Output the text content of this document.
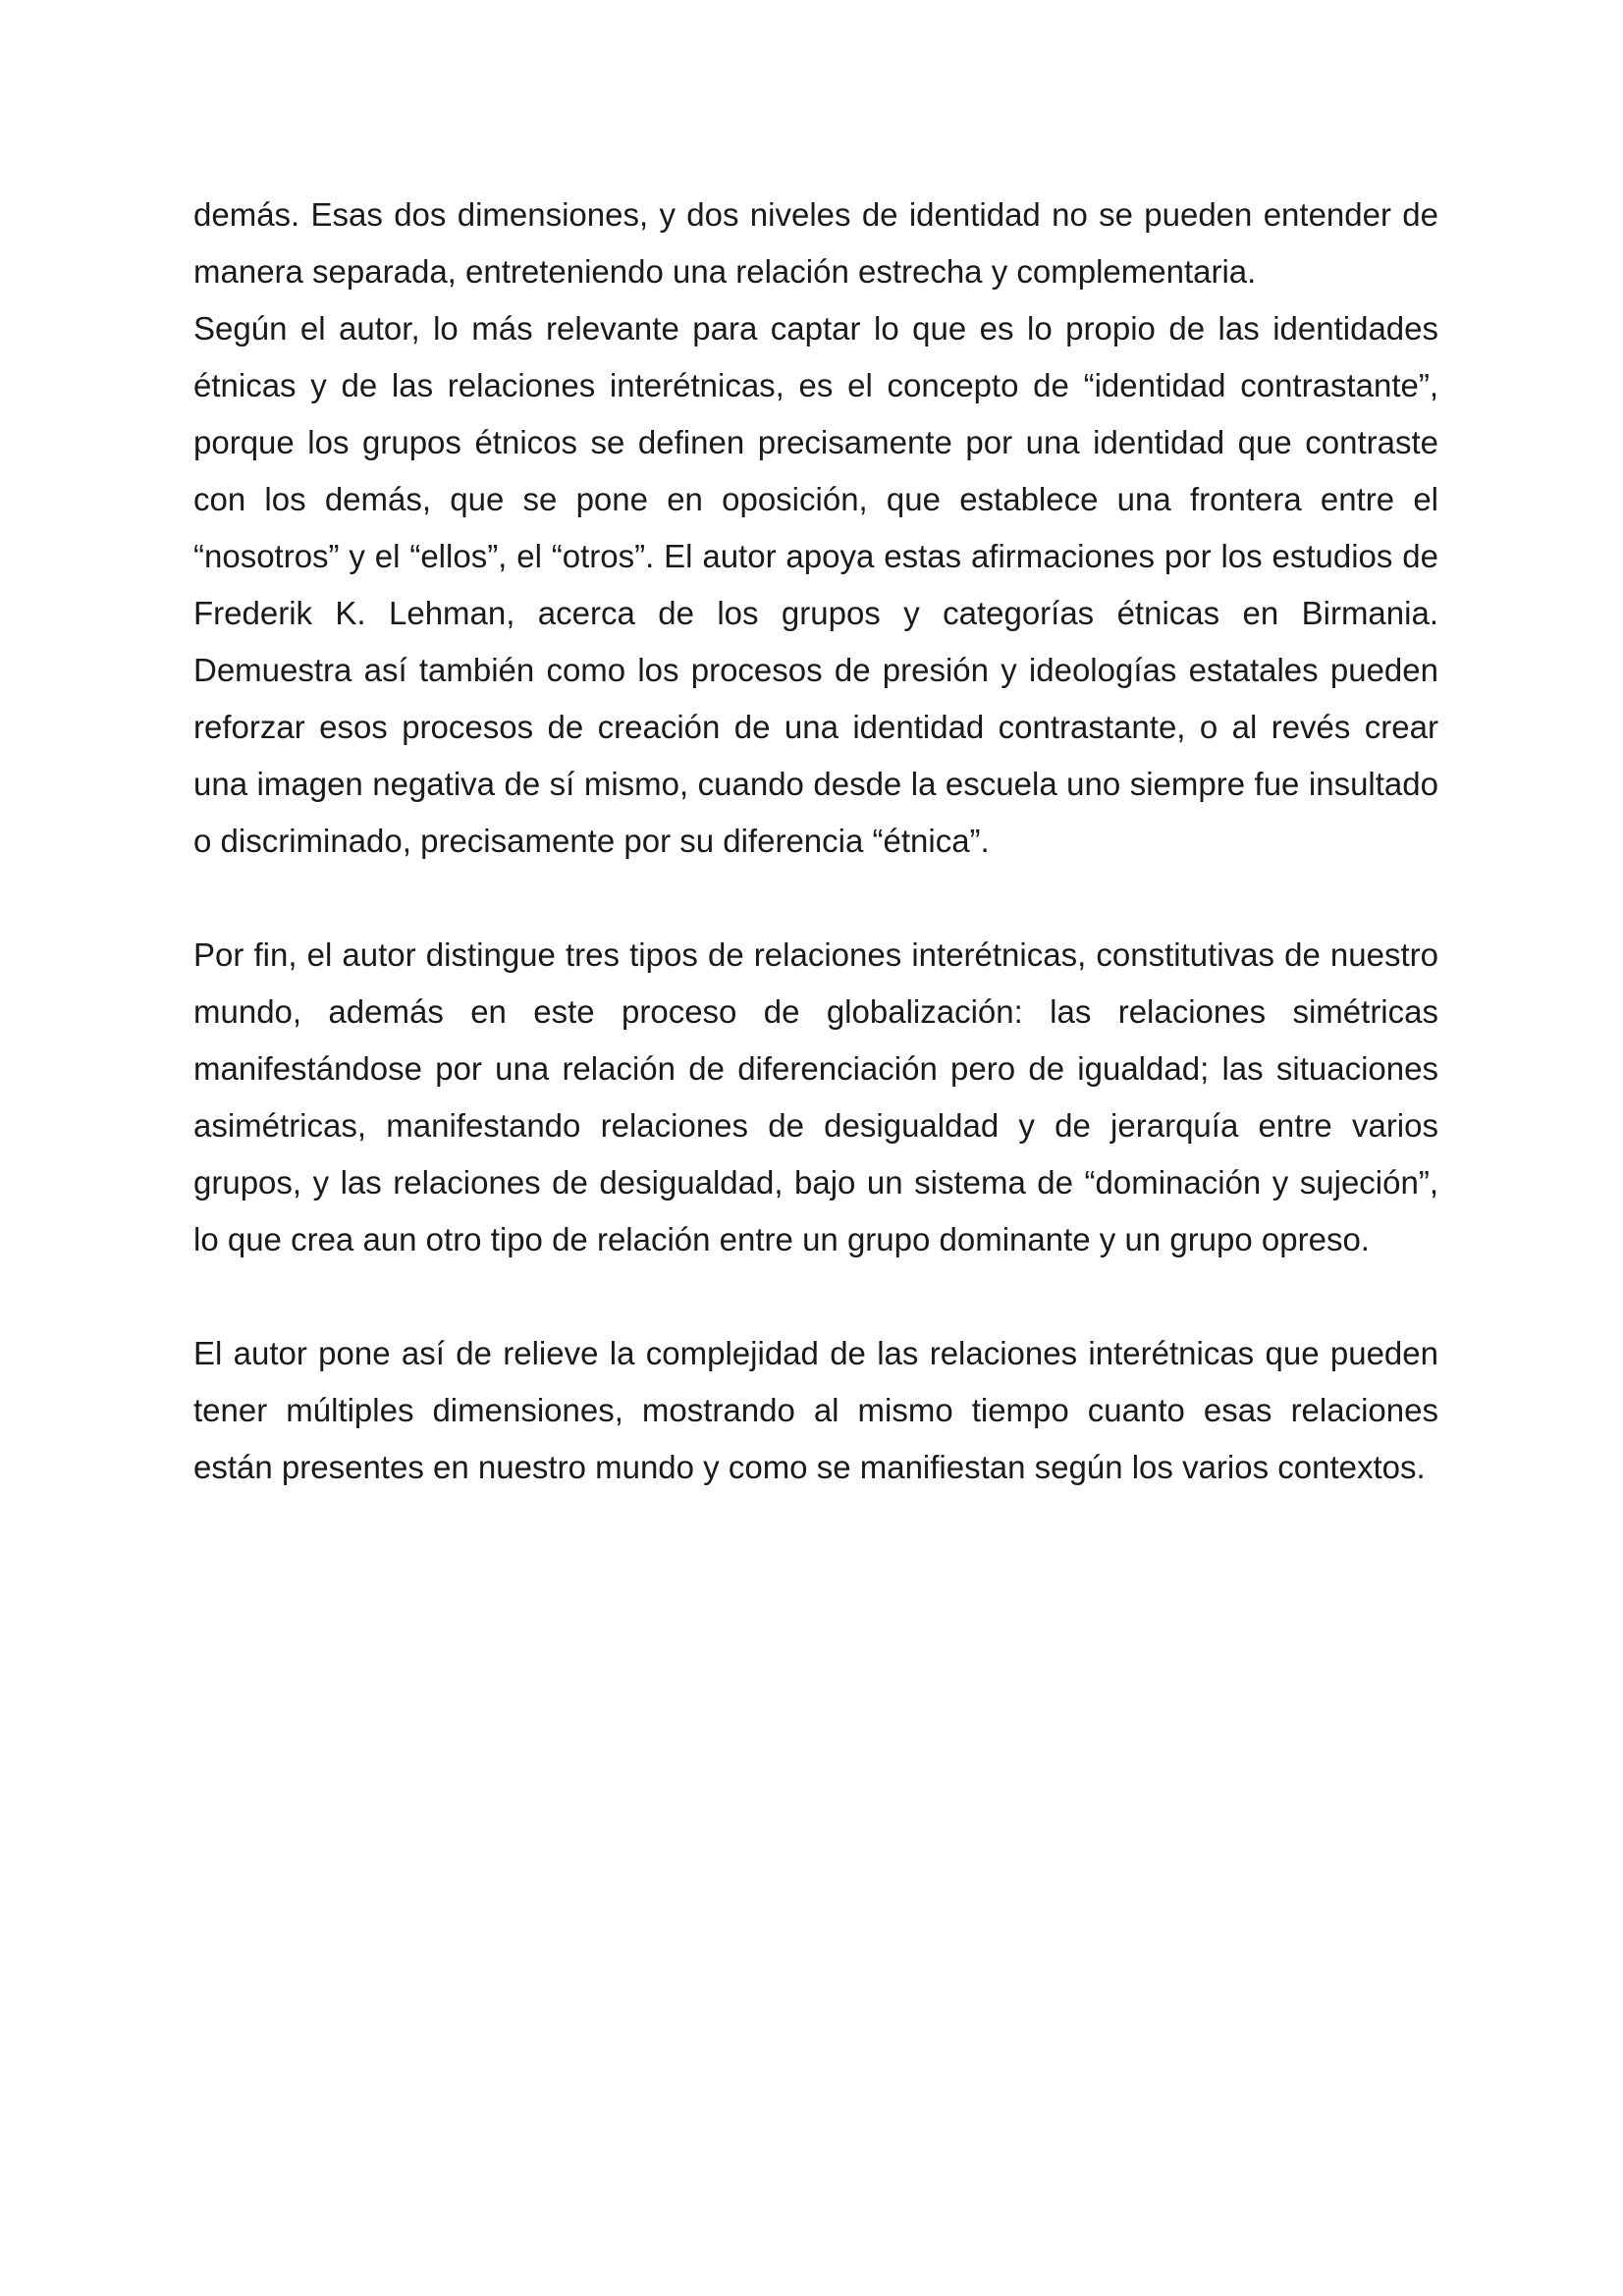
demás. Esas dos dimensiones, y dos niveles de identidad no se pueden entender de manera separada, entreteniendo una relación estrecha y complementaria.

Según el autor, lo más relevante para captar lo que es lo propio de las identidades étnicas y de las relaciones interétnicas, es el concepto de “identidad contrastante”, porque los grupos étnicos se definen precisamente por una identidad que contraste con los demás, que se pone en oposición, que establece una frontera entre el “nosotros” y el “ellos”, el “otros”. El autor apoya estas afirmaciones por los estudios de Frederik K. Lehman, acerca de los grupos y categorías étnicas en Birmania. Demuestra así también como los procesos de presión y ideologías estatales pueden reforzar esos procesos de creación de una identidad contrastante, o al revés crear una imagen negativa de sí mismo, cuando desde la escuela uno siempre fue insultado o discriminado, precisamente por su diferencia “étnica”.

Por fin, el autor distingue tres tipos de relaciones interétnicas, constitutivas de nuestro mundo, además en este proceso de globalización: las relaciones simétricas manifestándose por una relación de diferenciación pero de igualdad; las situaciones asimétricas, manifestando relaciones de desigualdad y de jerarquía entre varios grupos, y las relaciones de desigualdad, bajo un sistema de “dominación y sujeción”, lo que crea aun otro tipo de relación entre un grupo dominante y un grupo opreso.

El autor pone así de relieve la complejidad de las relaciones interétnicas que pueden tener múltiples dimensiones, mostrando al mismo tiempo cuanto esas relaciones están presentes en nuestro mundo y como se manifiestan según los varios contextos.
